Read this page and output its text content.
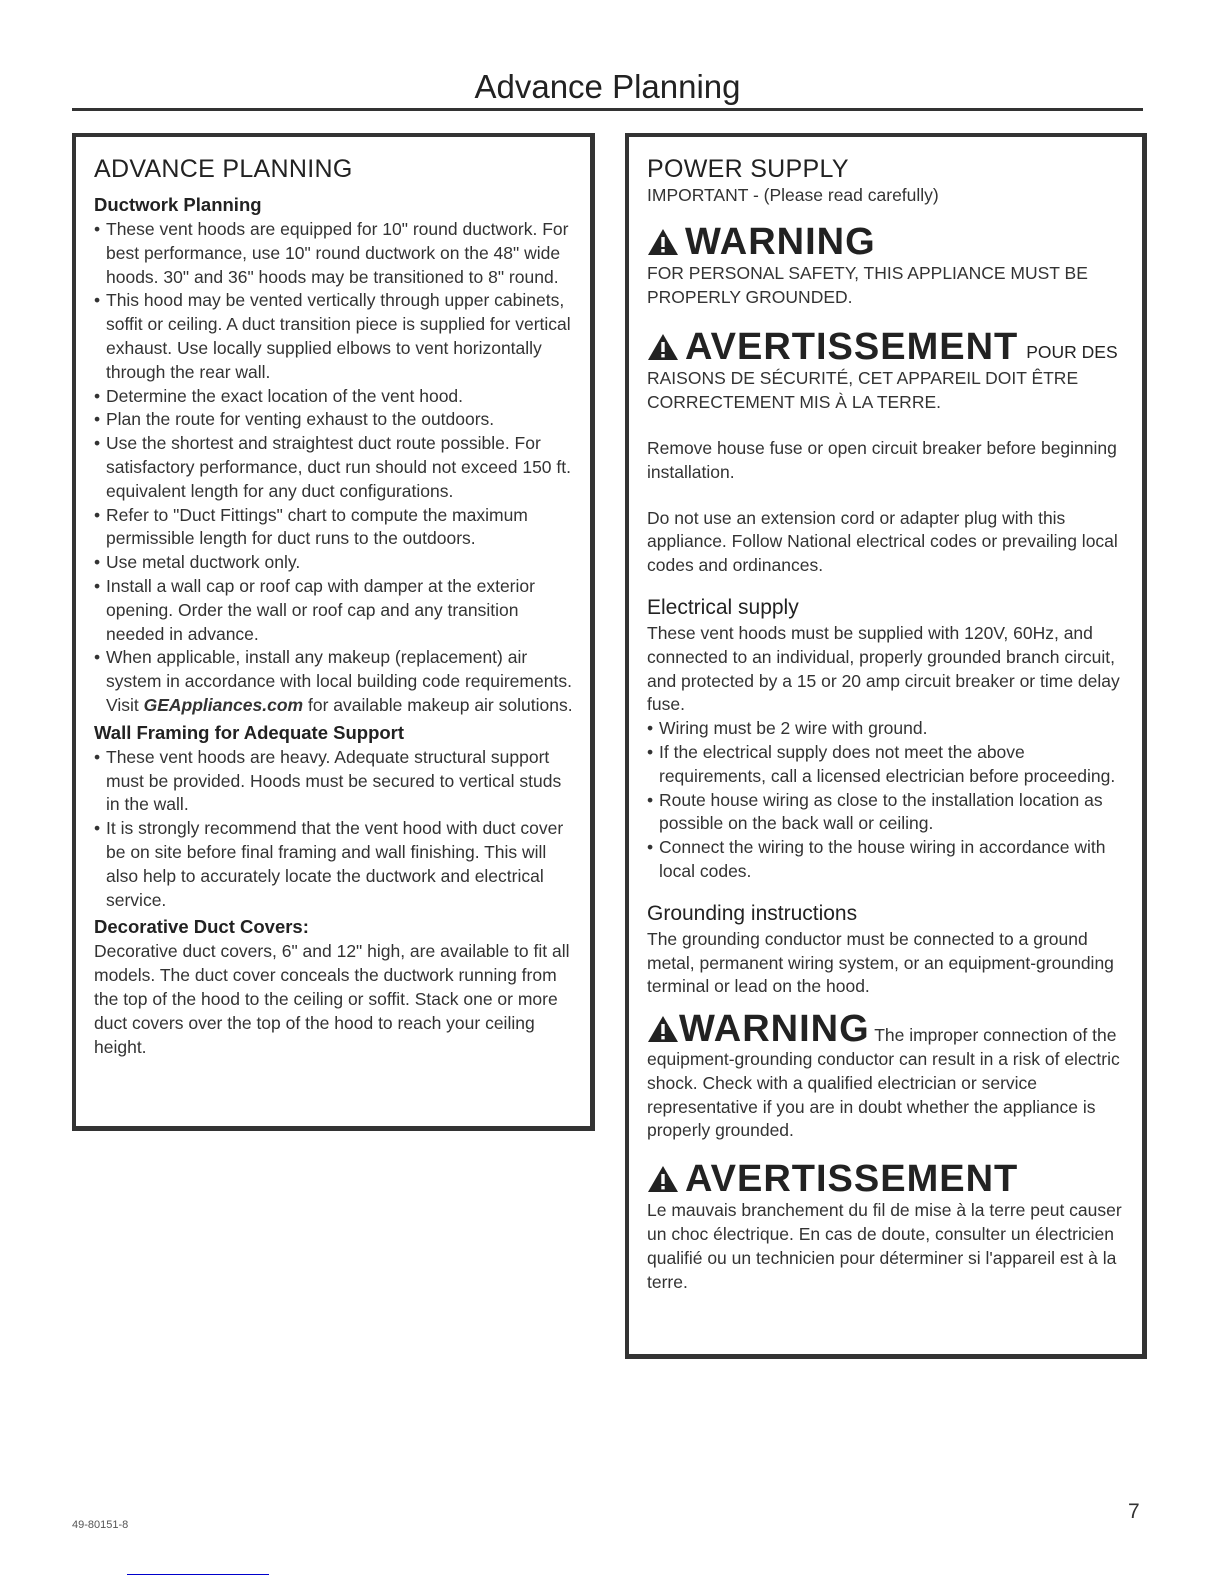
Advance Planning
ADVANCE PLANNING
Ductwork Planning
• These vent hoods are equipped for 10" round ductwork. For best performance, use 10" round ductwork on the 48" wide hoods. 30" and 36" hoods may be transitioned to 8" round.
• This hood may be vented vertically through upper cabinets, soffit or ceiling. A duct transition piece is supplied for vertical exhaust. Use locally supplied elbows to vent horizontally through the rear wall.
• Determine the exact location of the vent hood.
• Plan the route for venting exhaust to the outdoors.
• Use the shortest and straightest duct route possible. For satisfactory performance, duct run should not exceed 150 ft. equivalent length for any duct configurations.
• Refer to "Duct Fittings" chart to compute the maximum permissible length for duct runs to the outdoors.
• Use metal ductwork only.
• Install a wall cap or roof cap with damper at the exterior opening. Order the wall or roof cap and any transition needed in advance.
• When applicable, install any makeup (replacement) air system in accordance with local building code requirements. Visit GEAppliances.com for available makeup air solutions.
Wall Framing for Adequate Support
• These vent hoods are heavy. Adequate structural support must be provided. Hoods must be secured to vertical studs in the wall.
• It is strongly recommend that the vent hood with duct cover be on site before final framing and wall finishing. This will also help to accurately locate the ductwork and electrical service.
Decorative Duct Covers:

Decorative duct covers, 6" and 12" high, are available to fit all models. The duct cover conceals the ductwork running from the top of the hood to the ceiling or soffit. Stack one or more duct covers over the top of the hood to reach your ceiling height.

POWER SUPPLY

IMPORTANT - (Please read carefully)

WARNING

FOR PERSONAL SAFETY, THIS APPLIANCE MUST BE PROPERLY GROUNDED.

AVERTISSEMENT POUR DES

RAISONS DE SÉCURITÉ, CET APPAREIL DOIT ÊTRE CORRECTEMENT MIS À LA TERRE.

Remove house fuse or open circuit breaker before beginning installation.

Do not use an extension cord or adapter plug with this appliance. Follow National electrical codes or prevailing local codes and ordinances.

Electrical supply

These vent hoods must be supplied with 120V, 60Hz, and connected to an individual, properly grounded branch circuit, and protected by a 15 or 20 amp circuit breaker or time delay fuse.

• Wiring must be 2 wire with ground.
• If the electrical supply does not meet the above requirements, call a licensed electrician before proceeding.
• Route house wiring as close to the installation location as possible on the back wall or ceiling.
• Connect the wiring to the house wiring in accordance with local codes.
Grounding instructions

The grounding conductor must be connected to a ground metal, permanent wiring system, or an equipment-grounding terminal or lead on the hood.

WARNING The improper connection of the equipment-grounding conductor can result in a risk of electric shock. Check with a qualified electrician or service representative if you are in doubt whether the appliance is properly grounded.

AVERTISSEMENT

Le mauvais branchement du fil de mise à la terre peut causer un choc électrique. En cas de doute, consulter un électricien qualifié ou un technicien pour déterminer si l'appareil est à la terre.

49-80151-8
7
